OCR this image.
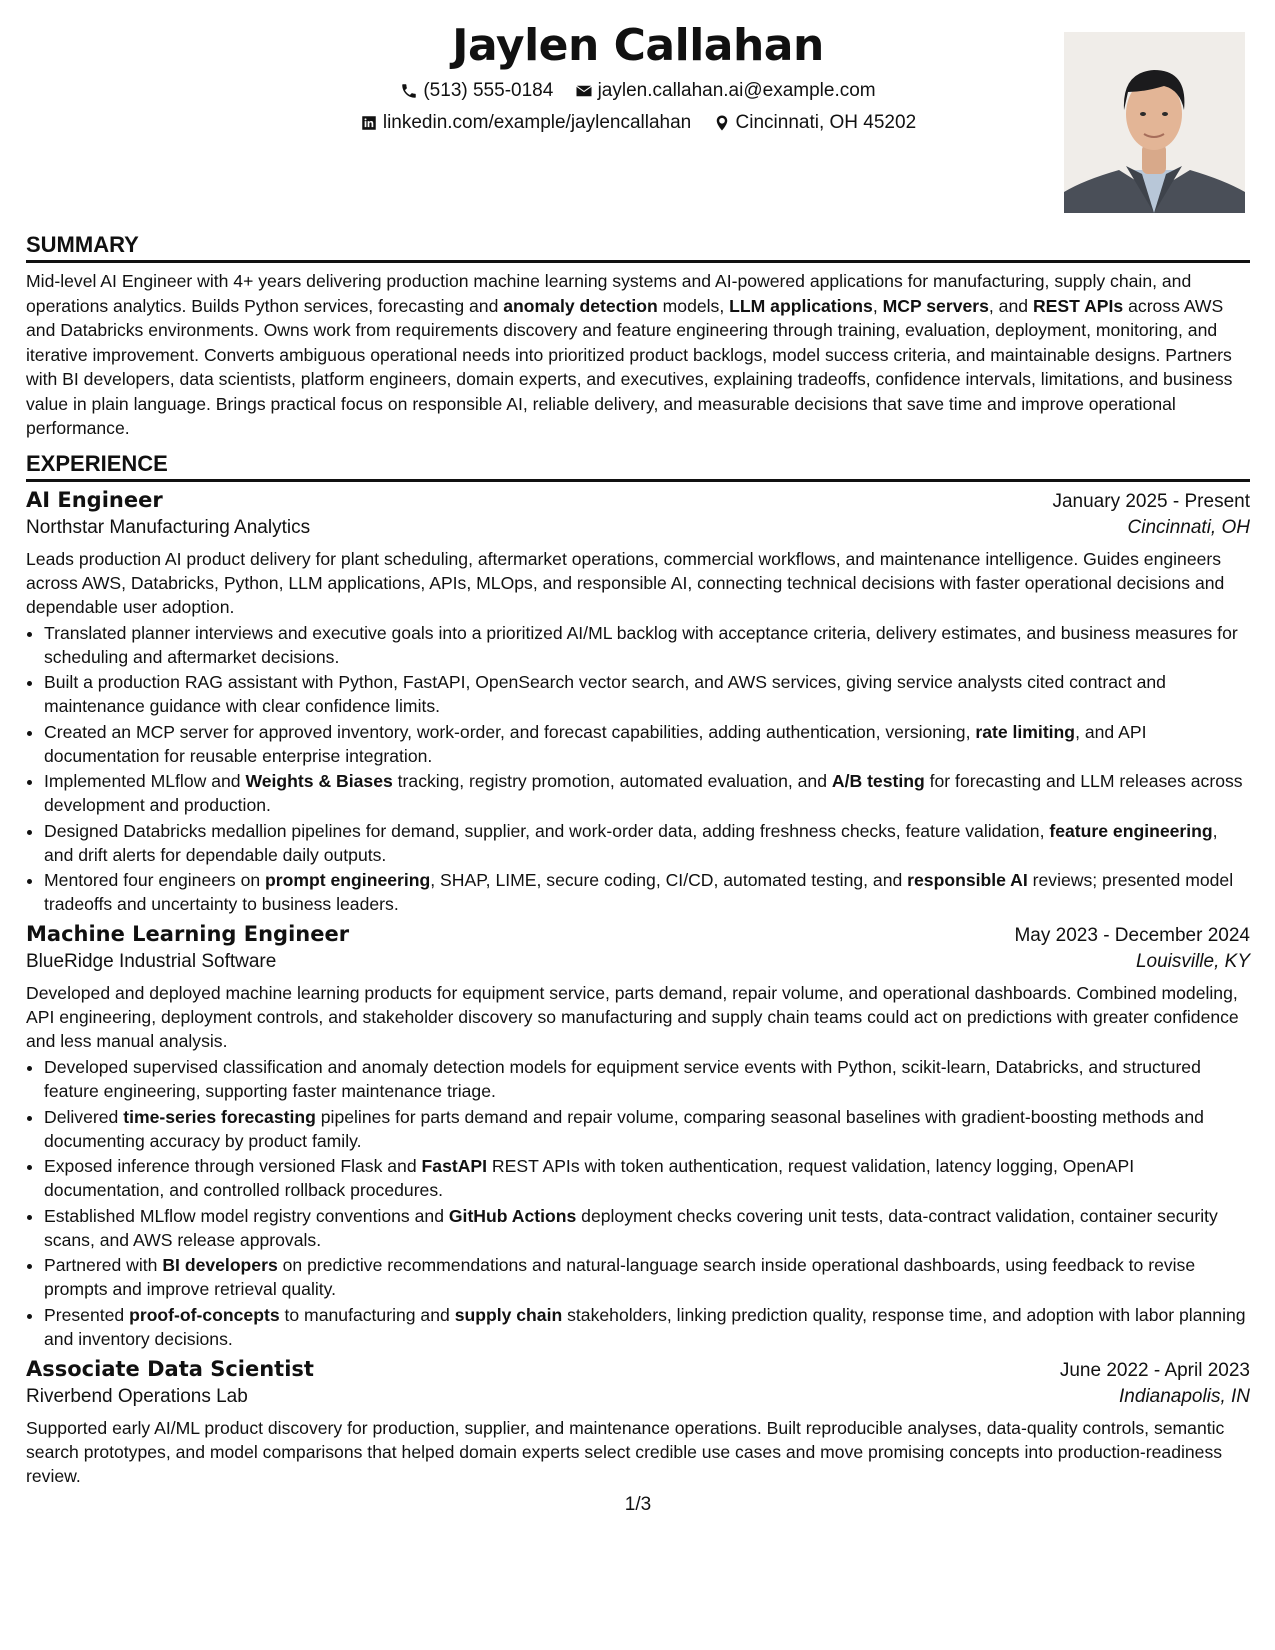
Jaylen Callahan
(513) 555-0184
jaylen.callahan.ai@example.com
linkedin.com/example/jaylencallahan
Cincinnati, OH 45202
SUMMARY

Mid-level AI Engineer with 4+ years delivering production machine learning systems and AI-powered applications for manufacturing, supply chain, and operations analytics. Builds Python services, forecasting and anomaly detection models, LLM applications, MCP servers, and REST APIs across AWS and Databricks environments. Owns work from requirements discovery and feature engineering through training, evaluation, deployment, monitoring, and iterative improvement. Converts ambiguous operational needs into prioritized product backlogs, model success criteria, and maintainable designs. Partners with BI developers, data scientists, platform engineers, domain experts, and executives, explaining tradeoffs, confidence intervals, limitations, and business value in plain language. Brings practical focus on responsible AI, reliable delivery, and measurable decisions that save time and improve operational performance.

EXPERIENCE
AI Engineer	January 2025 - Present
Northstar Manufacturing Analytics	Cincinnati, OH

Leads production AI product delivery for plant scheduling, aftermarket operations, commercial workflows, and maintenance intelligence. Guides engineers across AWS, Databricks, Python, LLM applications, APIs, MLOps, and responsible AI, connecting technical decisions with faster operational decisions and dependable user adoption.

• Translated planner interviews and executive goals into a prioritized AI/ML backlog with acceptance criteria, delivery estimates, and business measures for scheduling and aftermarket decisions.
• Built a production RAG assistant with Python, FastAPI, OpenSearch vector search, and AWS services, giving service analysts cited contract and maintenance guidance with clear confidence limits.
• Created an MCP server for approved inventory, work-order, and forecast capabilities, adding authentication, versioning, rate limiting, and API documentation for reusable enterprise integration.
• Implemented MLflow and Weights & Biases tracking, registry promotion, automated evaluation, and A/B testing for forecasting and LLM releases across development and production.
• Designed Databricks medallion pipelines for demand, supplier, and work-order data, adding freshness checks, feature validation, feature engineering, and drift alerts for dependable daily outputs.
• Mentored four engineers on prompt engineering, SHAP, LIME, secure coding, CI/CD, automated testing, and responsible AI reviews; presented model tradeoffs and uncertainty to business leaders.
Machine Learning Engineer	May 2023 - December 2024
BlueRidge Industrial Software	Louisville, KY

Developed and deployed machine learning products for equipment service, parts demand, repair volume, and operational dashboards. Combined modeling, API engineering, deployment controls, and stakeholder discovery so manufacturing and supply chain teams could act on predictions with greater confidence and less manual analysis.

• Developed supervised classification and anomaly detection models for equipment service events with Python, scikit-learn, Databricks, and structured feature engineering, supporting faster maintenance triage.
• Delivered time-series forecasting pipelines for parts demand and repair volume, comparing seasonal baselines with gradient-boosting methods and documenting accuracy by product family.
• Exposed inference through versioned Flask and FastAPI REST APIs with token authentication, request validation, latency logging, OpenAPI documentation, and controlled rollback procedures.
• Established MLflow model registry conventions and GitHub Actions deployment checks covering unit tests, data-contract validation, container security scans, and AWS release approvals.
• Partnered with BI developers on predictive recommendations and natural-language search inside operational dashboards, using feedback to revise prompts and improve retrieval quality.
• Presented proof-of-concepts to manufacturing and supply chain stakeholders, linking prediction quality, response time, and adoption with labor planning and inventory decisions.
Associate Data Scientist	June 2022 - April 2023
Riverbend Operations Lab	Indianapolis, IN

Supported early AI/ML product discovery for production, supplier, and maintenance operations. Built reproducible analyses, data-quality controls, semantic search prototypes, and model comparisons that helped domain experts select credible use cases and move promising concepts into production-readiness review.

1/3
